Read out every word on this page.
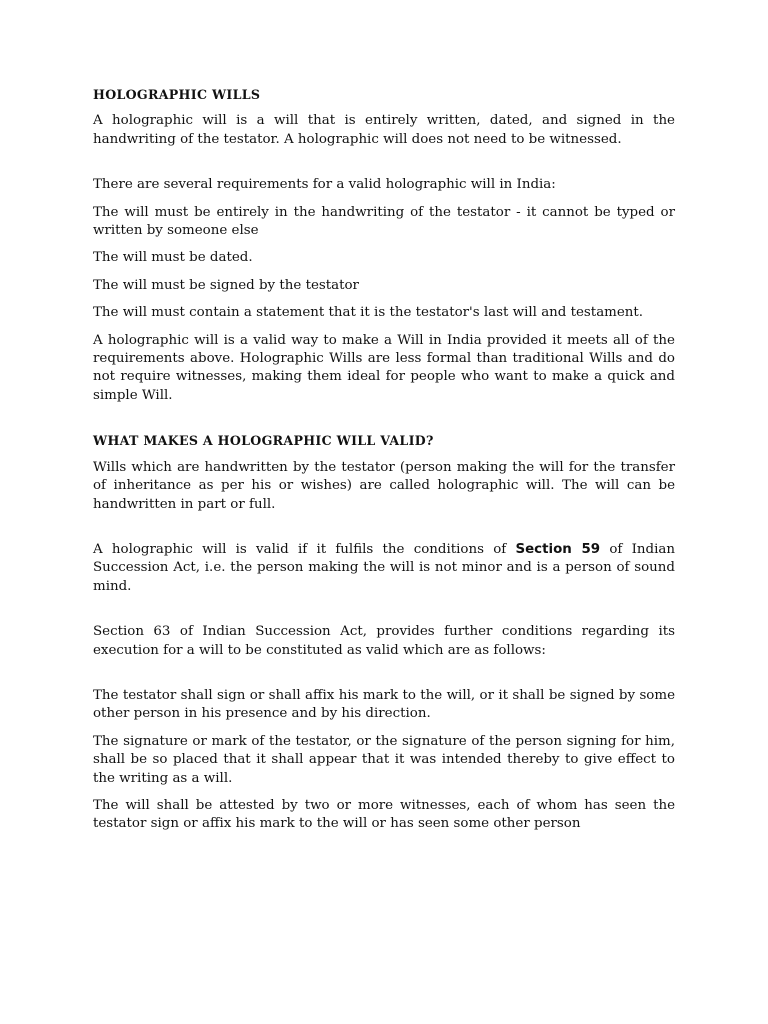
HOLOGRAPHIC WILLS

A holographic will is a will that is entirely written, dated, and signed in the handwriting of the testator. A holographic will does not need to be witnessed.

There are several requirements for a valid holographic will in India:

The will must be entirely in the handwriting of the testator - it cannot be typed or written by someone else

The will must be dated.

The will must be signed by the testator

The will must contain a statement that it is the testator's last will and testament.

A holographic will is a valid way to make a Will in India provided it meets all of the requirements above. Holographic Wills are less formal than traditional Wills and do not require witnesses, making them ideal for people who want to make a quick and simple Will.

WHAT MAKES A HOLOGRAPHIC WILL VALID?

Wills which are handwritten by the testator (person making the will for the transfer of inheritance as per his or wishes) are called holographic will. The will can be handwritten in part or full.

A holographic will is valid if it fulfils the conditions of Section 59 of Indian Succession Act, i.e. the person making the will is not minor and is a person of sound mind.

Section 63 of Indian Succession Act, provides further conditions regarding its execution for a will to be constituted as valid which are as follows:

The testator shall sign or shall affix his mark to the will, or it shall be signed by some other person in his presence and by his direction.

The signature or mark of the testator, or the signature of the person signing for him, shall be so placed that it shall appear that it was intended thereby to give effect to the writing as a will.

The will shall be attested by two or more witnesses, each of whom has seen the testator sign or affix his mark to the will or has seen some other person
